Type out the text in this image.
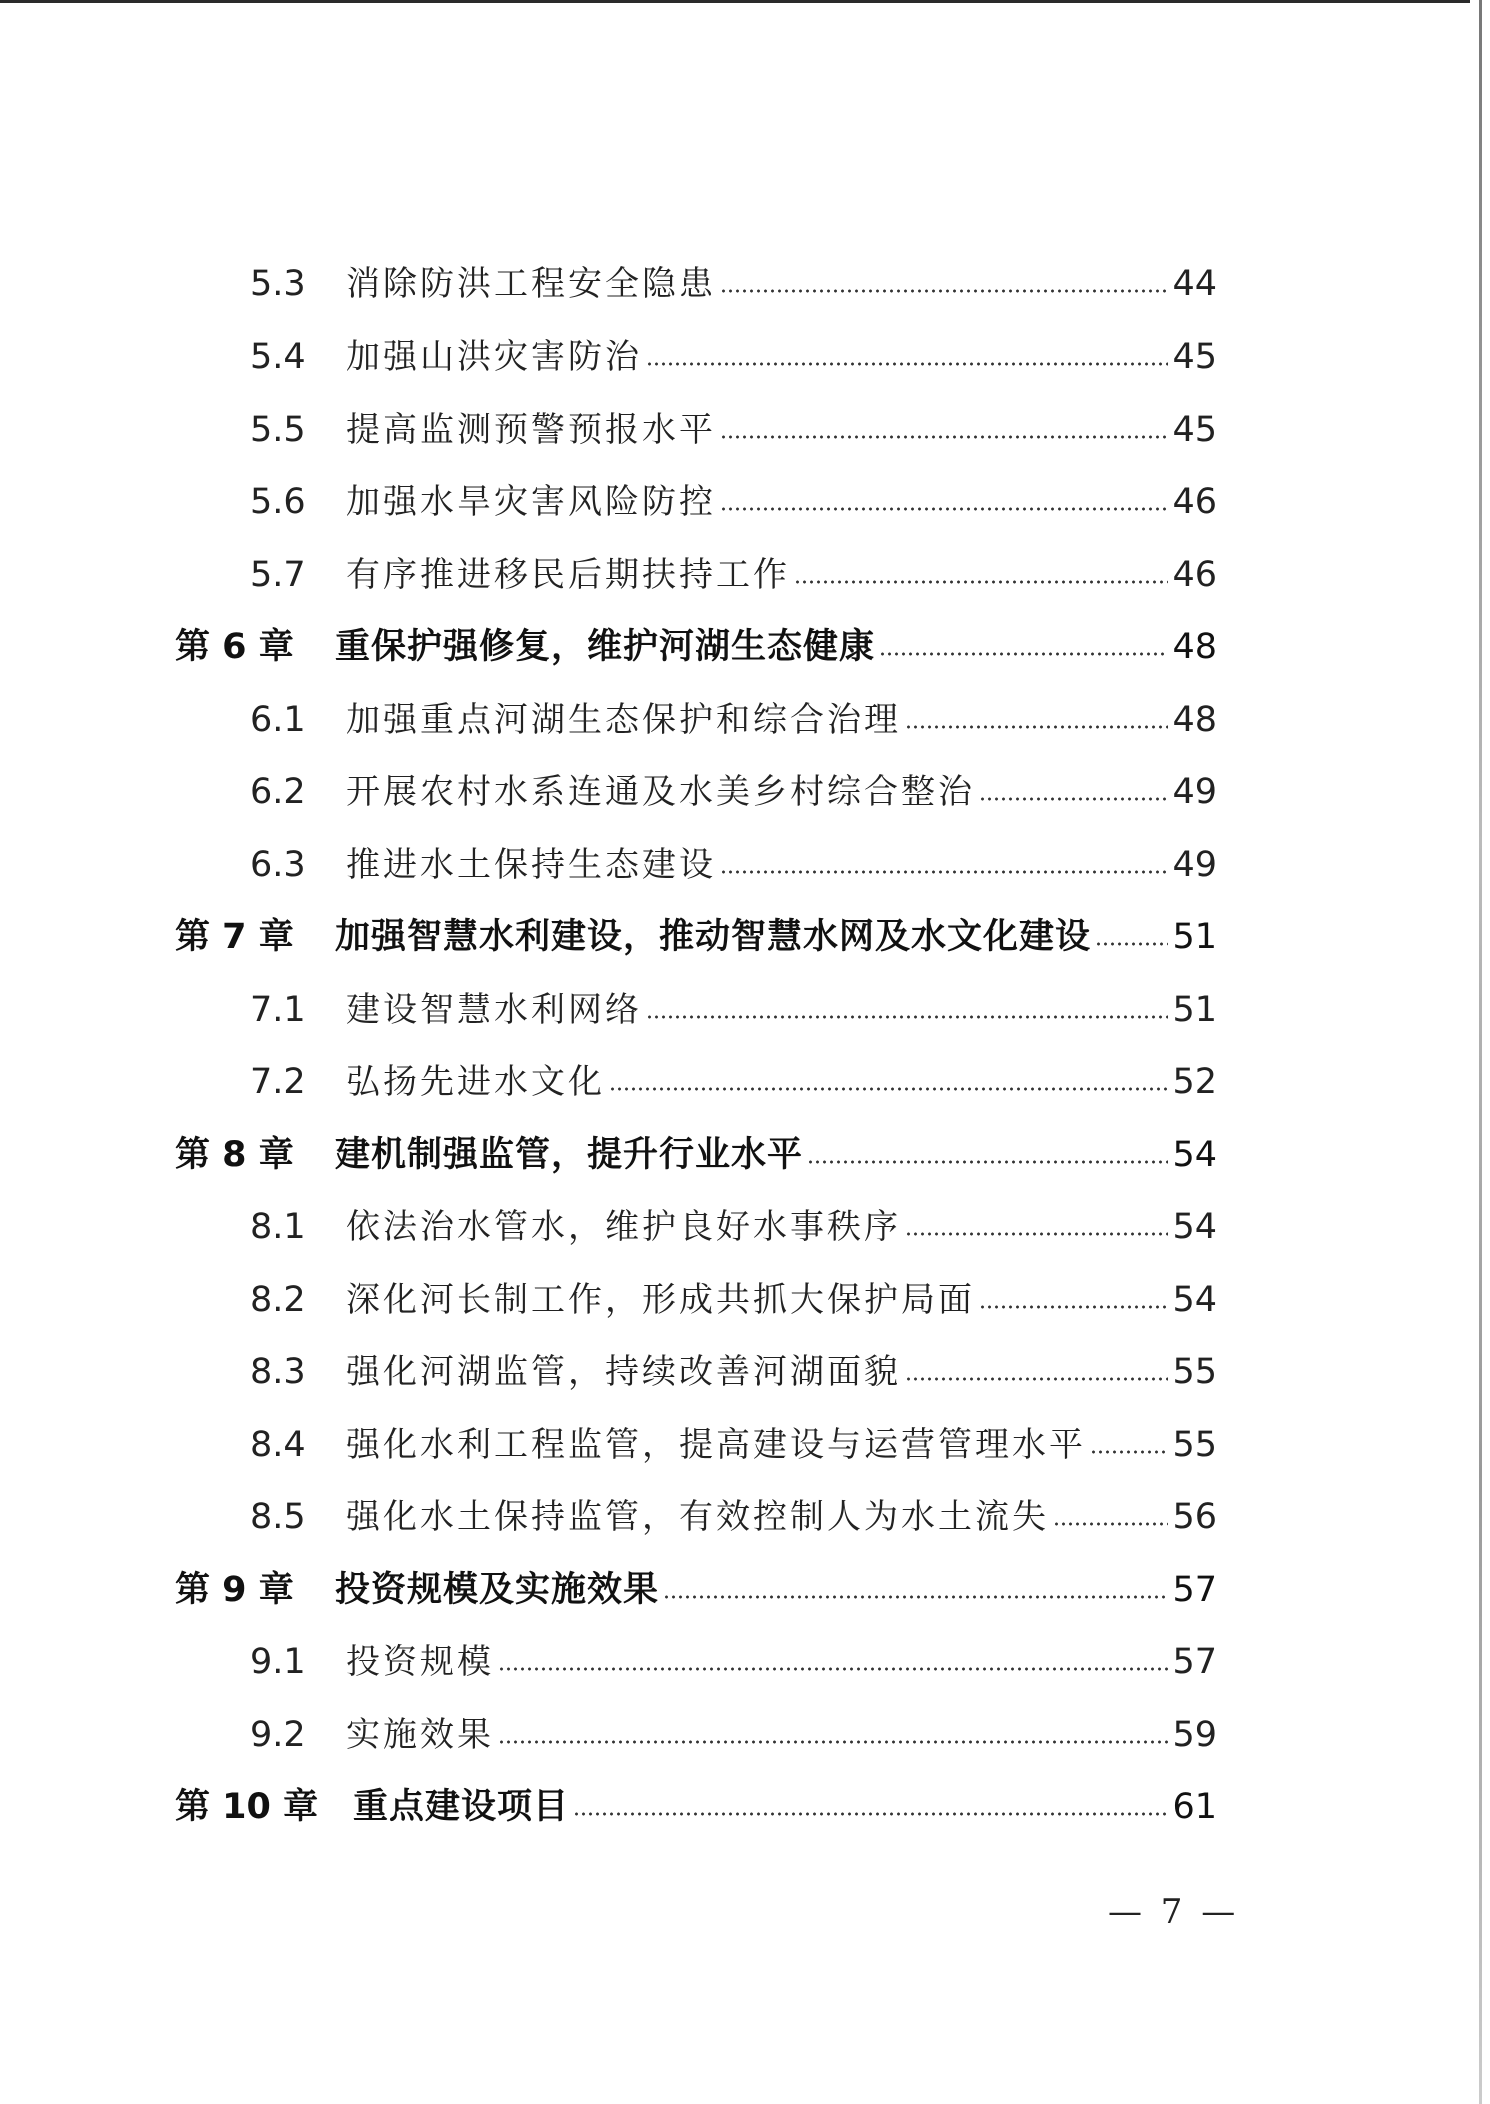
5.3	消除防洪工程安全隐患	44
5.4	加强山洪灾害防治	45
5.5	提高监测预警预报水平	45
5.6	加强水旱灾害风险防控	46
5.7	有序推进移民后期扶持工作	46
第 6 章	重保护强修复，维护河湖生态健康	48
6.1	加强重点河湖生态保护和综合治理	48
6.2	开展农村水系连通及水美乡村综合整治	49
6.3	推进水土保持生态建设	49
第 7 章	加强智慧水利建设，推动智慧水网及水文化建设 51
7.1	建设智慧水利网络	51
7.2	弘扬先进水文化	52
第 8 章	建机制强监管，提升行业水平	54
8.1	依法治水管水，维护良好水事秩序	54
8.2	深化河长制工作，形成共抓大保护局面	54
8.3	强化河湖监管，持续改善河湖面貌	55
8.4	强化水利工程监管，提高建设与运营管理水平 55
8.5	强化水土保持监管，有效控制人为水土流失	56
第 9 章	投资规模及实施效果	57
9.1	投资规模	57
9.2	实施效果	59
第 10 章 重点建设项目	61
— 7 —
